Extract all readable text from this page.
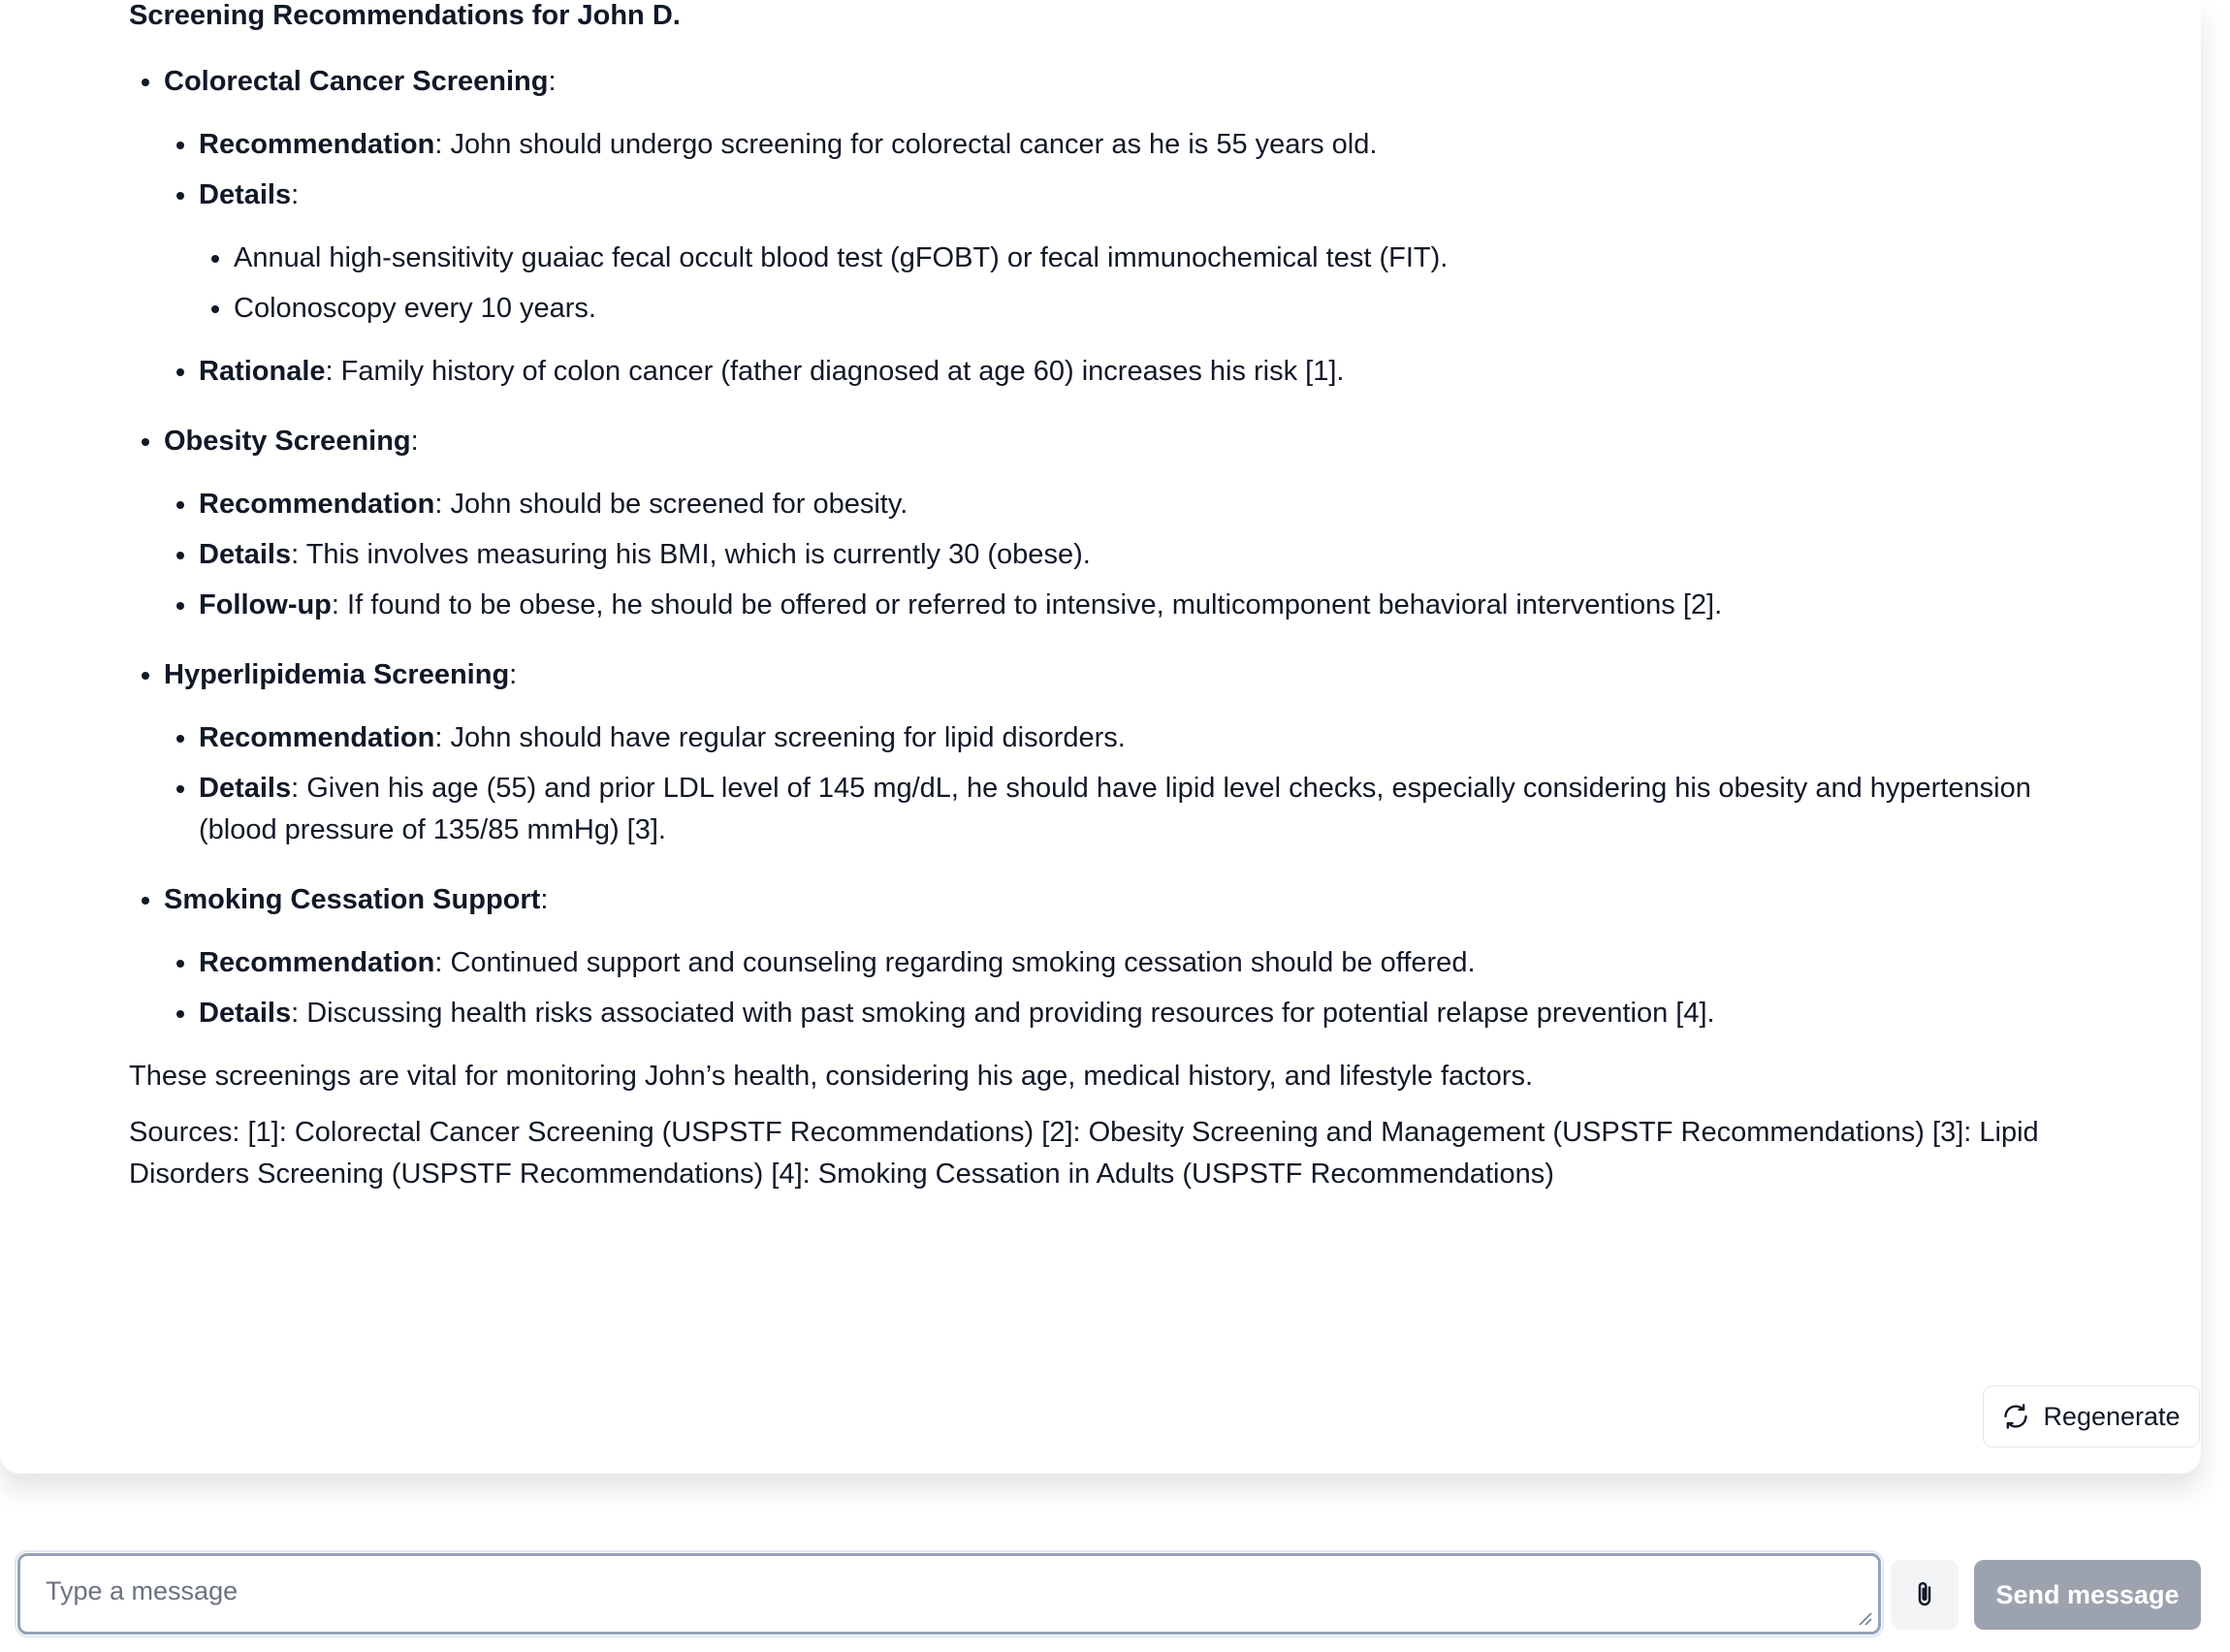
Screening Recommendations for John D.

• Colorectal Cancer Screening:
• Recommendation: John should undergo screening for colorectal cancer as he is 55 years old.
• Details:
• Annual high-sensitivity guaiac fecal occult blood test (gFOBT) or fecal immunochemical test (FIT).
• Colonoscopy every 10 years.
• Rationale: Family history of colon cancer (father diagnosed at age 60) increases his risk [1].
• Obesity Screening:
• Recommendation: John should be screened for obesity.
• Details: This involves measuring his BMI, which is currently 30 (obese).
• Follow-up: If found to be obese, he should be offered or referred to intensive, multicomponent behavioral interventions [2].
• Hyperlipidemia Screening:
• Recommendation: John should have regular screening for lipid disorders.
• Details: Given his age (55) and prior LDL level of 145 mg/dL, he should have lipid level checks, especially considering his obesity and hypertension (blood pressure of 135/85 mmHg) [3].
• Smoking Cessation Support:
• Recommendation: Continued support and counseling regarding smoking cessation should be offered.
• Details: Discussing health risks associated with past smoking and providing resources for potential relapse prevention [4].

These screenings are vital for monitoring John’s health, considering his age, medical history, and lifestyle factors.

Sources: [1]: Colorectal Cancer Screening (USPSTF Recommendations) [2]: Obesity Screening and Management (USPSTF Recommendations) [3]: Lipid Disorders Screening (USPSTF Recommendations) [4]: Smoking Cessation in Adults (USPSTF Recommendations)

Regenerate
Type a message
Send message
